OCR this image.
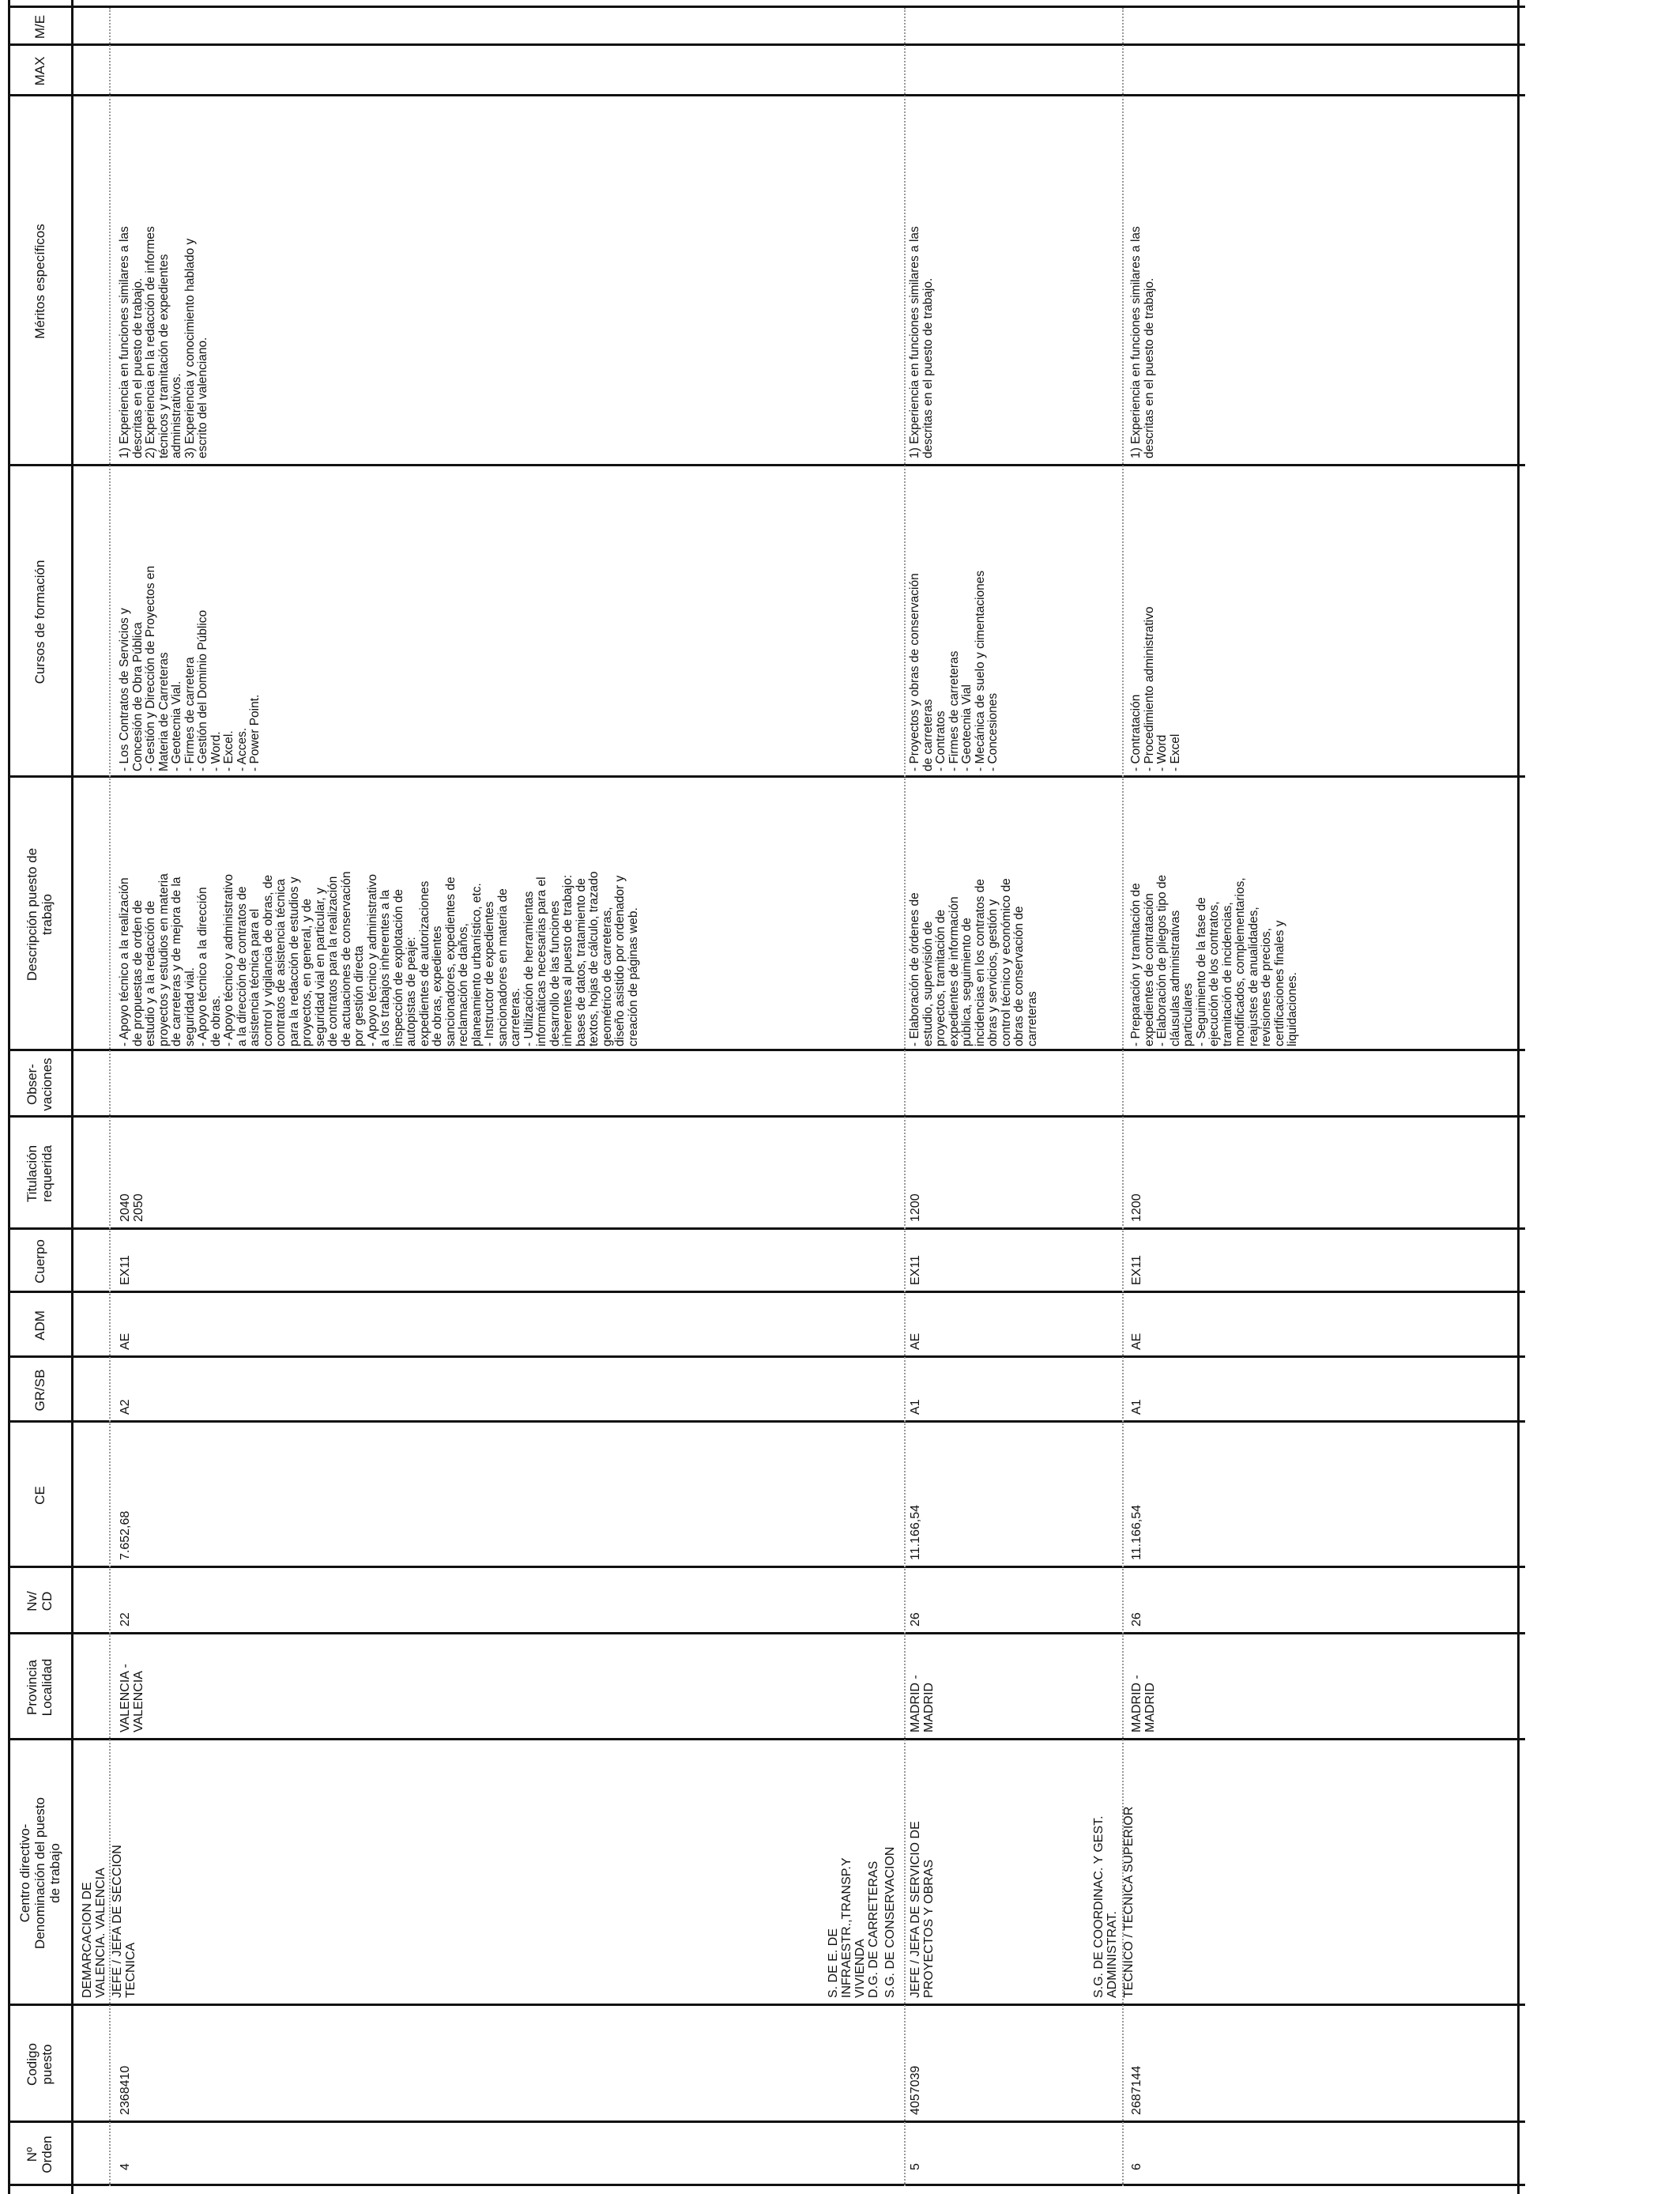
Nº
Orden
Codigo
puesto
Centro directivo-
Denominación del puesto
de trabajo
Provincia
Localidad
Nv/
CD
CE
GR/SB
ADM
Cuerpo
Titulación
requerida
Obser-
vaciones
Descripción puesto de
trabajo
Cursos de formación
Méritos específicos
MAX
M/E
DEMARCACION DE
VALENCIA. VALENCIA
S. DE E. DE
INFRAESTR.,TRANSP.Y
VIVIENDA
D.G. DE CARRETERAS S.G. DE CONSERVACION	S.G. DE COORDINAC. Y GEST.
ADMINISTRAT.
4
2368410
JEFE / JEFA DE SECCION
TECNICA
VALENCIA -
VALENCIA
22
7.652,68
A2
AE
EX11
2040
2050
- Apoyo técnico a la realización
de propuestas de orden de
estudio y a la redacción de
proyectos y estudios en materia
de carreteras y de mejora de la
seguridad vial.
- Apoyo técnico a la dirección
de obras.
- Apoyo técnico y administrativo
a la dirección de contratos de
asistencia técnica para el
control y vigilancia de obras, de
contratos de asistencia técnica
para la redacción de estudios y
proyectos, en general, y de
seguridad vial en particular, y
de contratos para la realización
de actuaciones de conservación
por gestión directa
- Apoyo técnico y administrativo
a los trabajos inherentes a la
inspección de explotación de
autopistas de peaje:
expedientes de autorizaciones
de obras, expedientes
sancionadores, expedientes de
reclamación de daños,
planeamiento urbanístico, etc.
- Instructor de expedientes
sancionadores en materia de
carreteras.
- Utilización de herramientas
informáticas necesarias para el
desarrollo de las funciones
inherentes al puesto de trabajo:
bases de datos, tratamiento de
textos, hojas de cálculo, trazado
geométrico de carreteras,
diseño asistido por ordenador y
creación de páginas web.
- Los Contratos de Servicios y
Concesión de Obra Pública
- Gestión y Dirección de Proyectos en
Materia de Carreteras
- Geotecnia Vial.
- Firmes de carretera
- Gestión del Dominio Público
- Word.
- Excel.
- Acces.
- Power Point.
1) Experiencia en funciones similares a las
descritas en el puesto de trabajo.
2) Experiencia en la redacción de informes
técnicos y tramitación de expedientes
administrativos.
3) Experiencia y conocimiento hablado y
escrito del valenciano.
5
4057039
JEFE / JEFA DE SERVICIO DE
PROYECTOS Y OBRAS
MADRID -
MADRID
26
11.166,54
A1
AE
EX11
1200
- Elaboración de órdenes de
estudio, supervisión de
proyectos, tramitación de
expedientes de información
pública, seguimiento de
incidencias en los contratos de
obras y servicios, gestión y
control técnico y económico de
obras de conservación de
carreteras
- Proyectos y obras de conservación
de carreteras
- Contratos
- Firmes de carreteras
- Geotecnia Vial
- Mecánica de suelo y cimentaciones
- Concesiones
1) Experiencia en funciones similares a las
descritas en el puesto de trabajo.
6
2687144
TECNICO / TECNICA SUPERIOR
MADRID -
MADRID
26
11.166,54
A1
AE
EX11
1200
- Preparación y tramitación de
expedientes de contratación
- Elaboración de pliegos tipo de
cláusulas administrativas
particulares
- Seguimiento de la fase de
ejecución de los contratos,
tramitación de incidencias,
modificados, complementarios,
reajustes de anualidades,
revisiones de precios,
certificaciones finales y
liquidaciones.
- Contratación
- Procedimiento administrativo
- Word
- Excel
1) Experiencia en funciones similares a las
descritas en el puesto de trabajo.
